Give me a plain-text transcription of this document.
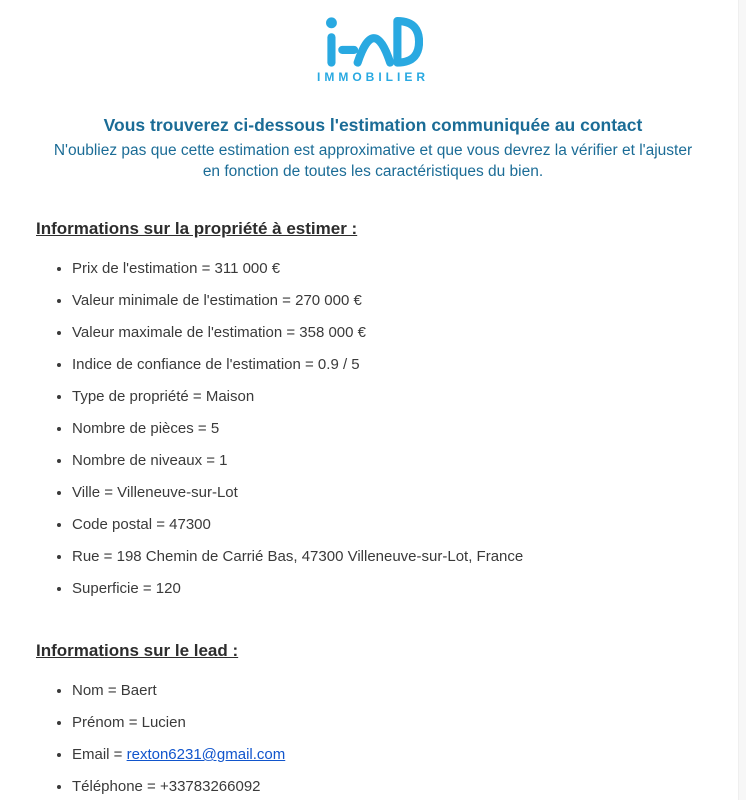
IMMOBILIER
Vous trouverez ci-dessous l'estimation communiquée au contact
N'oubliez pas que cette estimation est approximative et que vous devrez la vérifier et l'ajuster en fonction de toutes les caractéristiques du bien.
Informations sur la propriété à estimer :
• Prix de l'estimation = 311 000 €
• Valeur minimale de l'estimation = 270 000 €
• Valeur maximale de l'estimation = 358 000 €
• Indice de confiance de l'estimation = 0.9 / 5
• Type de propriété = Maison
• Nombre de pièces = 5
• Nombre de niveaux = 1
• Ville = Villeneuve-sur-Lot
• Code postal = 47300
• Rue = 198 Chemin de Carrié Bas, 47300 Villeneuve-sur-Lot, France
• Superficie = 120
Informations sur le lead :
• Nom = Baert
• Prénom = Lucien
• Email = rexton6231@gmail.com
• Téléphone = +33783266092
